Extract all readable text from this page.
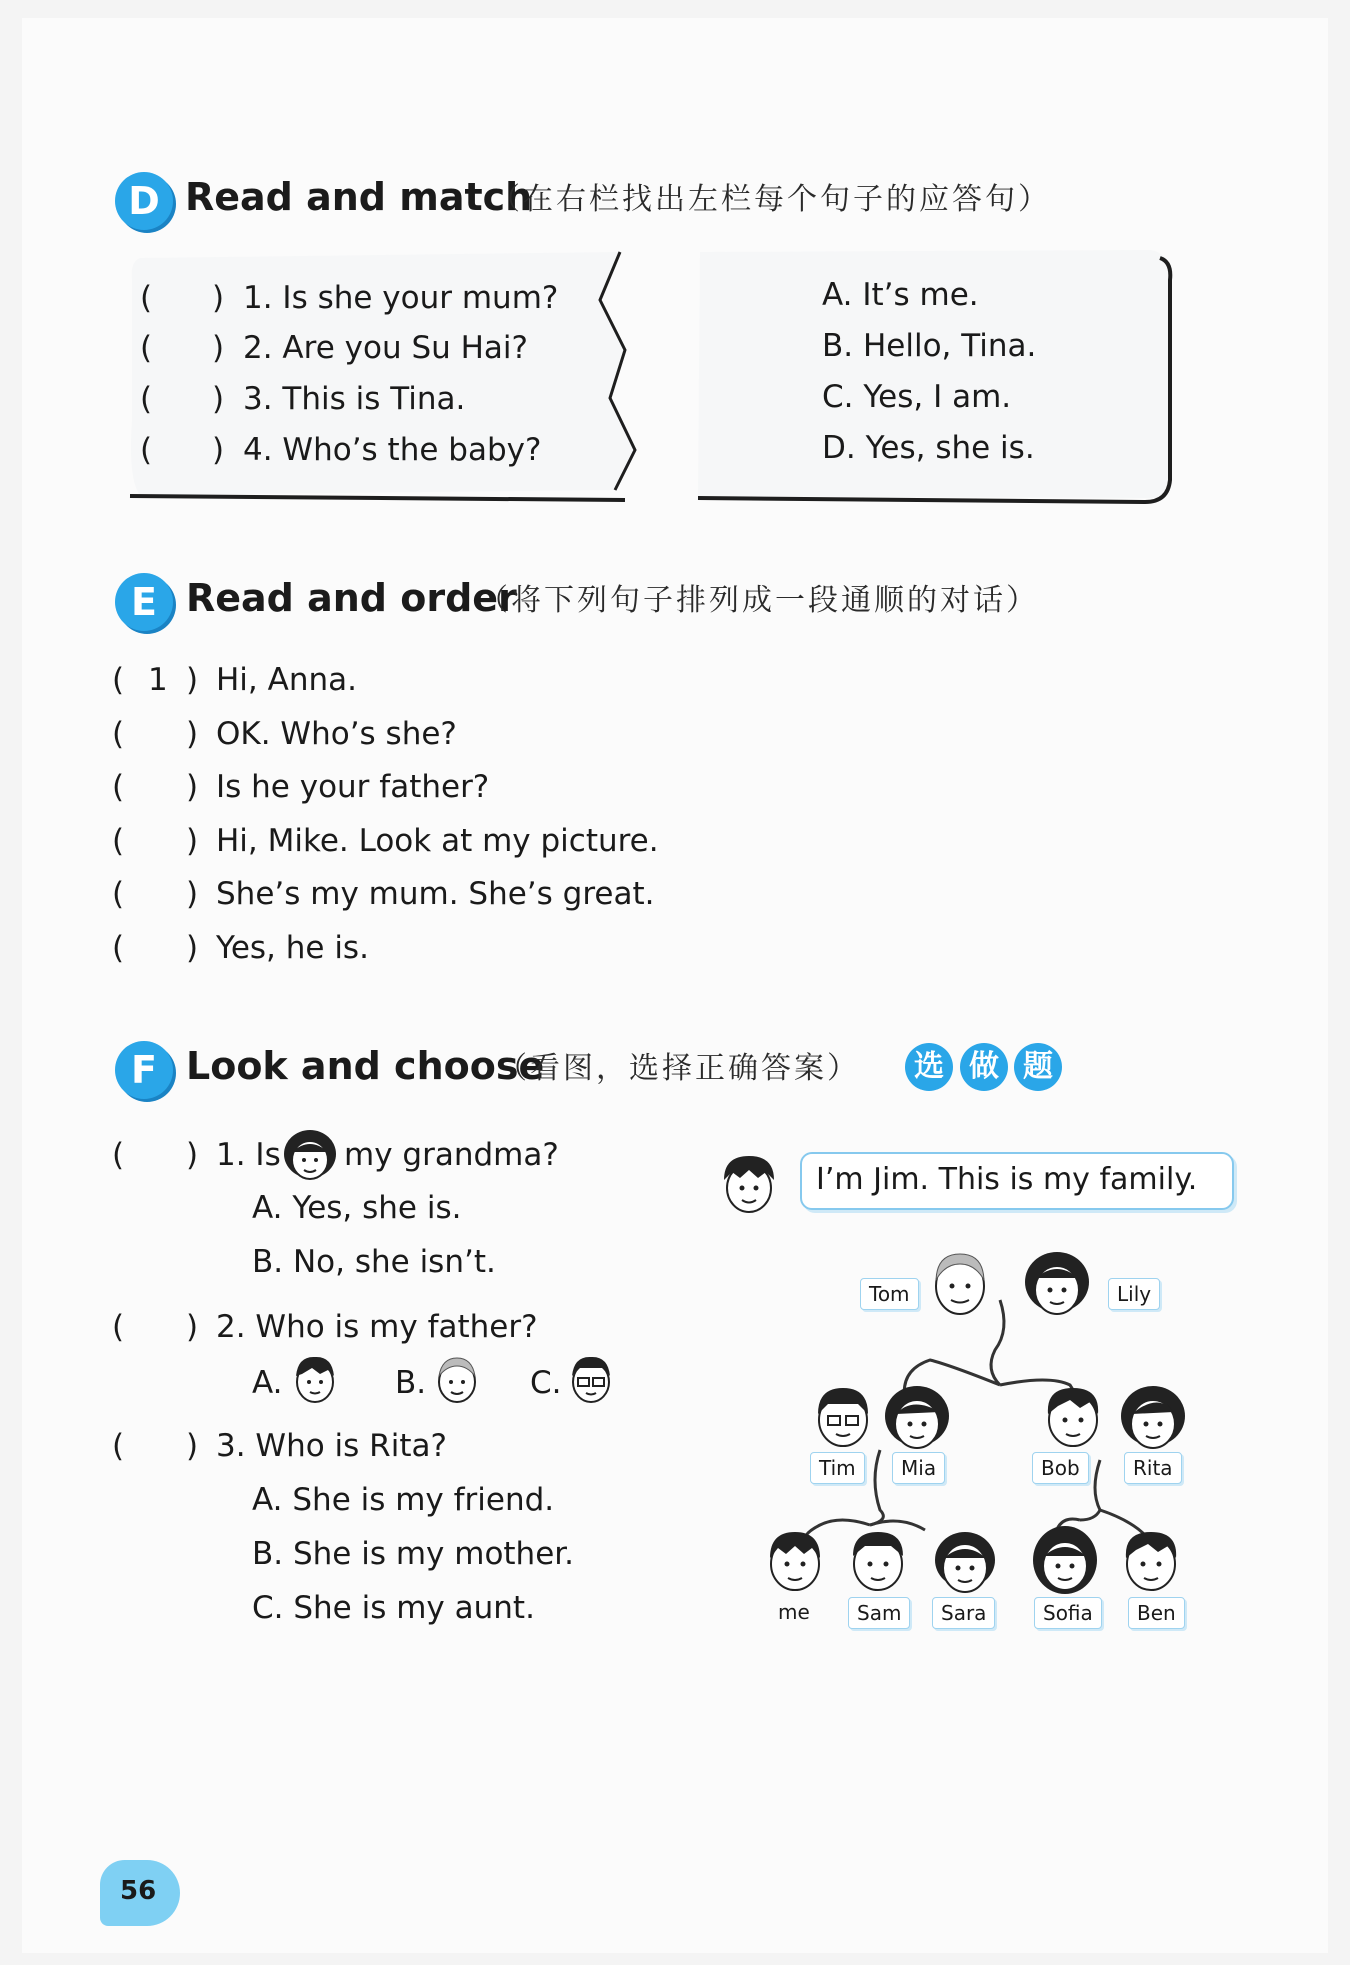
D Read and match
（在右栏找出左栏每个句子的应答句）
( ) 1. Is she your mum?
( ) 2. Are you Su Hai?
( ) 3. This is Tina.
( ) 4. Who’s the baby?
A. It’s me.
B. Hello, Tina.
C. Yes, I am.
D. Yes, she is.
E Read and order
（将下列句子排列成一段通顺的对话）
( 1 ) Hi, Anna.
( ) OK. Who’s she?
( ) Is he your father?
( ) Hi, Mike. Look at my picture.
( ) She’s my mum. She’s great.
( ) Yes, he is.
F Look and choose
（看图，选择正确答案）	选 做 题
( ) 1. Is my grandma?
A. Yes, she is.
B. No, she isn’t.
( ) 2. Who is my father?
A.	B.	C.
( ) 3. Who is Rita?
A. She is my friend.
B. She is my mother.
C. She is my aunt.
I’m Jim. This is my family.
Tom	Lily
Tim	Mia	Bob	Rita
me	Sam	Sara	Sofia	Ben
56
